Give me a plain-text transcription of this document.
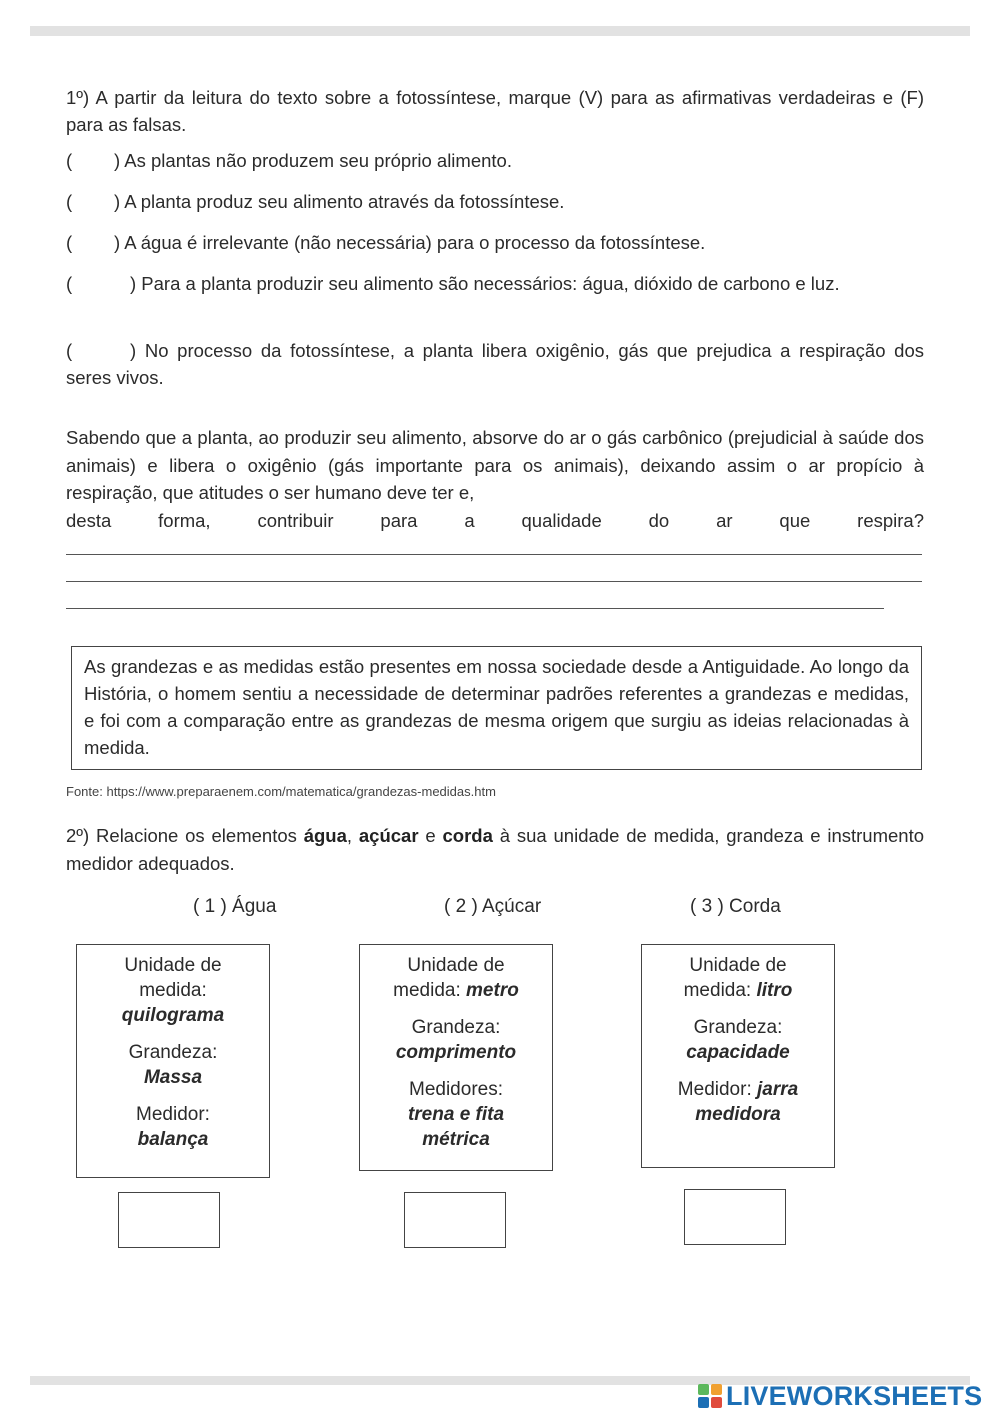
1º) A partir da leitura do texto sobre a fotossíntese, marque (V) para as afirmativas verdadeiras e (F) para as falsas.
( ) As plantas não produzem seu próprio alimento.
( ) A planta produz seu alimento através da fotossíntese.
( ) A água é irrelevante (não necessária) para o processo da fotossíntese.
(	) Para a planta produzir seu alimento são necessários: água, dióxido de carbono e luz.
(	) No processo da fotossíntese, a planta libera oxigênio, gás que prejudica a respiração dos seres vivos.
Sabendo que a planta, ao produzir seu alimento, absorve do ar o gás carbônico (prejudicial à saúde dos animais) e libera o oxigênio (gás importante para os animais), deixando assim o ar propício à respiração, que atitudes o ser humano deve ter e,
desta forma, contribuir para a qualidade do ar que respira?
As grandezas e as medidas estão presentes em nossa sociedade desde a Antiguidade. Ao longo da História, o homem sentiu a necessidade de determinar padrões referentes a grandezas e medidas, e foi com a comparação entre as grandezas de mesma origem que surgiu as ideias relacionadas à medida.
Fonte: https://www.preparaenem.com/matematica/grandezas-medidas.htm
2º) Relacione os elementos água, açúcar e corda à sua unidade de medida, grandeza e instrumento medidor adequados.
( 1 ) Água	( 2 ) Açúcar	( 3 ) Corda
Unidade de
medida:
quilograma
Grandeza:
Massa
Medidor:
balança
Unidade de
medida: metro
Grandeza:
comprimento
Medidores:
trena e fita
métrica
Unidade de
medida: litro
Grandeza:
capacidade
Medidor: jarra
medidora
LIVEWORKSHEETS
